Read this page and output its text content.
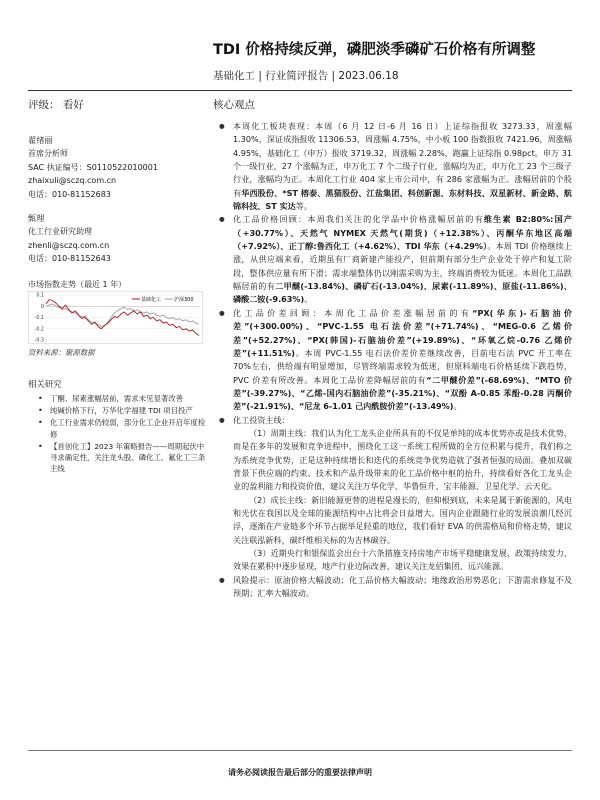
TDI 价格持续反弹，磷肥淡季磷矿石价格有所调整
基础化工 | 行业简评报告 | 2023.06.18
评级： 看好	核心观点
翟绪丽
首席分析师
SAC 执证编号：S0110522010001
zhaixuli@sczq.com.cn
电话：010-81152683
甄理
化工行业研究助理
zhenli@sczq.com.cn
电话：010-81152643
市场指数走势（最近 1 年）
0.1
0
-0.1
-0.2
-0.3
基础化工	沪深300
资料来源：聚源数据
相关研究
• 丁酮、尿素涨幅居前，需求未见显著改善
• 纯碱价格下行，万华化学福建 TDI 项目投产
• 化工行业需求仍较弱，部分化工企业开启年度检修
• 【首创化工】2023 年策略报告——周期起伏中寻求确定性，关注龙头股、磷化工、氟化工三条主线

● 本周化工板块表现：本周（6 月 12 日-6 月 16 日）上证综指报收 3273.33，周涨幅 1.30%，深证成指报收 11306.53，周涨幅 4.75%，中小板 100 指数报收 7421.96，周涨幅 4.95%，基础化工（申万）报收 3719.32，周涨幅 2.28%，跑赢上证综指 0.98pct。申万 31 个一级行业，27 个涨幅为正，申万化工 7 个二级子行业，涨幅均为正，申万化工 23 个三级子行业，涨幅均为正。本周化工行业 404 家上市公司中，有 286 家涨幅为正。涨幅居前的个股有华西股份、*ST 榕泰、黑猫股份、江盐集团、科创新源、东材科技、双星新材、新金路、航锦科技、ST 实达等。

● 化工品价格回顾：本周我们关注的化学品中价格涨幅居前的有维生素 B2:80%:国产（+30.77%）、天然气 NYMEX 天然气(期货)（+12.38%）、丙酮华东地区高端（+7.92%）、正丁醇:鲁西化工（+4.62%）、TDI 华东（+4.29%）。本周 TDI 价格继续上涨，从供应端来看，近期虽有厂商新建产能投产，但前期有部分生产企业处于停产和复工阶段，整体供应量有所下滑；需求端整体仍以刚需采购为主，终端消费较为低迷。本周化工品跌幅居前的有二甲醚(-13.84%)、磷矿石(-13.04%)、尿素(-11.89%)、原盐(-11.86%)、磷酸二铵(-9.63%)。

● 化工品价差回顾：本周化工品价差涨幅居前的有“PX(华东)-石脑油价差”(+300.00%)、“PVC-1.55 电石法价差”(+71.74%)、“MEG-0.6 乙烯价差”(+52.27%)、“PX(韩国)-石脑油价差”(+19.89%)、“环氧乙烷-0.76 乙烯价差”(+11.51%)。本周 PVC-1.55 电石法价差价差继续改善，目前电石法 PVC 开工率在 70%左右，供给端有明显增加，尽管终端需求较为低迷，但原料端电石价格延续下跌趋势，PVC 价差有所改善。本周化工品价差降幅居前的有“二甲醚价差”(-68.69%)、“MTO 价差”(-39.27%)、“乙烯-国内石脑油价差”(-35.21%)、“双酚 A-0.85 苯酚-0.28 丙酮价差”(-21.91%)、“尼龙 6-1.01 己内酰胺价差”(-13.49%)。

● 化工投资主线：

（1）周期主线：我们认为化工龙头企业所具有的不仅是单纯的成本优势亦或是技术优势，而是在多年的发展和竞争进程中，围绕化工这一系统工程所做的全方位积累与提升，我们称之为系统竞争优势，正是这种持续增长和迭代的系统竞争优势造就了强者恒强的局面。叠加双碳背景下供应端的约束、技术和产品升级带来的化工品价格中枢的抬升，持续看好各化工龙头企业的盈利能力和投资价值，建议关注万华化学、华鲁恒升、宝丰能源、卫星化学、云天化。

（2）成长主线：新旧能源更替的进程是漫长的，但仰根到底，未来是属于新能源的，风电和光伏在我国以及全球的能源结构中占比将会日益增大。国内企业跟随行业的发展浪潮几经沉浮，逐渐在产业链多个环节占据举足轻重的地位，我们看好 EVA 的供需格局和价格走势，建议关注联泓新科，碳纤维相关标的为吉林碳谷。

（3）近期央行和银保监会出台十六条措施支持房地产市场平稳健康发展，政策持续发力，效果在累积中逐步显现，地产行业边际改善，建议关注龙佰集团、远兴能源。

● 风险提示：原油价格大幅波动；化工品价格大幅波动；地缘政治形势恶化；下游需求修复不及预期；汇率大幅波动。

请务必阅读报告最后部分的重要法律声明
